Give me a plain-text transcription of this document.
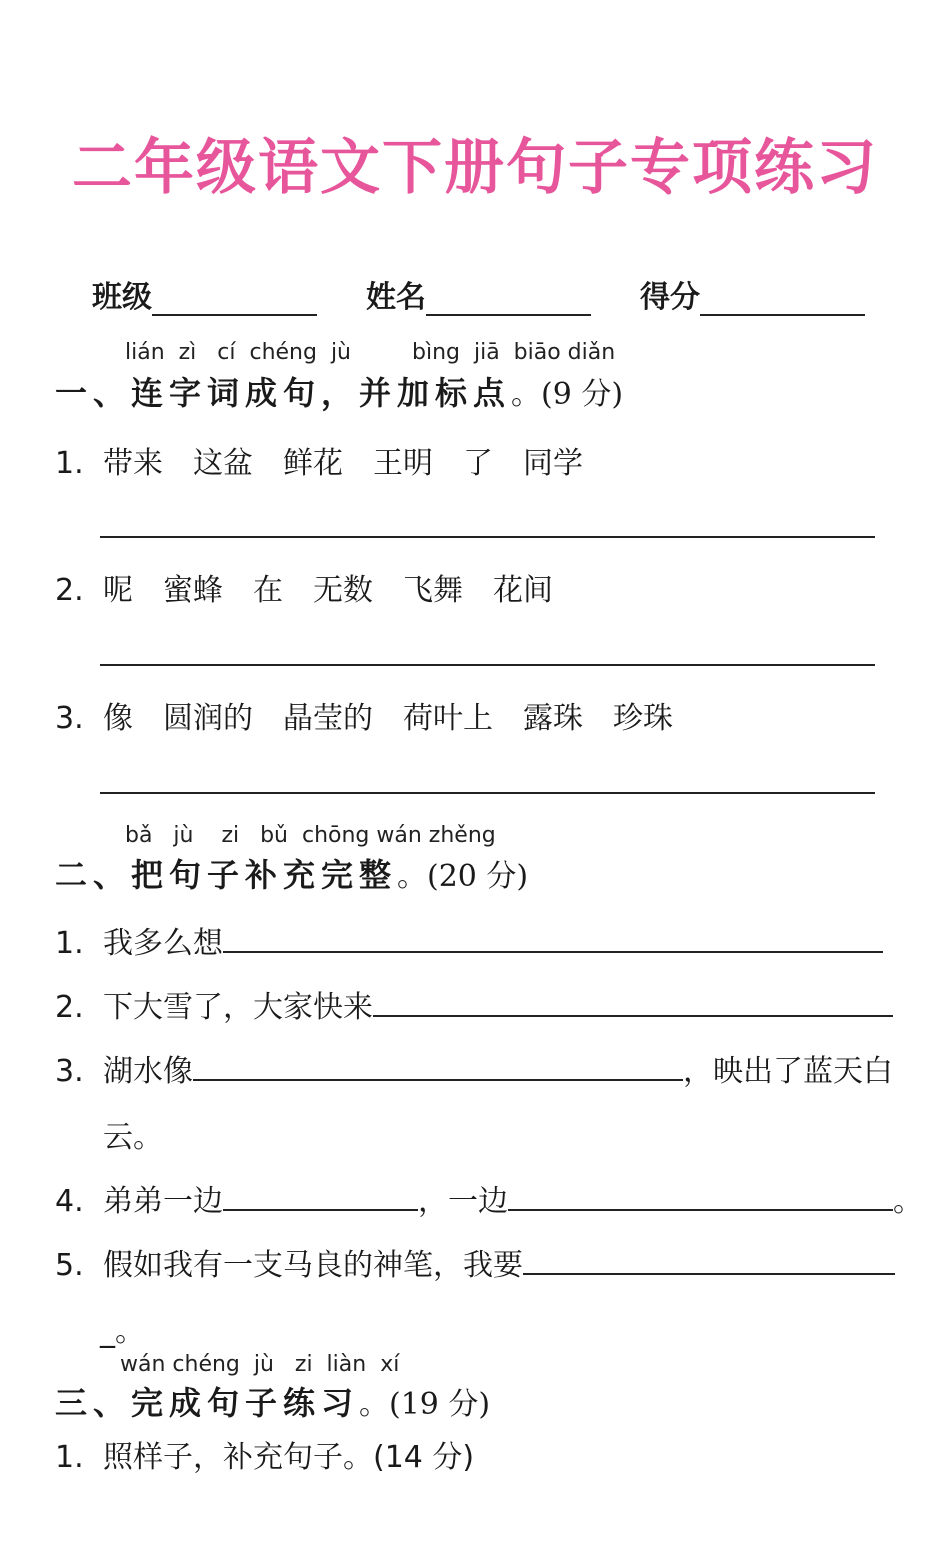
二年级语文下册句子专项练习
班级	姓名	得分
lián  zì   cí  chéng  jù	bìng  jiā  biāo diǎn
一、连字词成句，并加标点。(9 分)
1. 带来 这盆 鲜花 王明 了 同学
2. 呢 蜜蜂 在 无数 飞舞 花间
3. 像 圆润的 晶莹的 荷叶上 露珠 珍珠
bǎ   jù    zi   bǔ  chōng wán zhěng
二、把句子补充完整。(20 分)
1. 我多么想
2. 下大雪了，大家快来
3. 湖水像	，映出了蓝天白
云。
4. 弟弟一边	，一边	。
5. 假如我有一支马良的神笔，我要
_。
wán chéng  jù   zi  liàn  xí
三、完成句子练习。(19 分)
1. 照样子，补充句子。(14 分)
